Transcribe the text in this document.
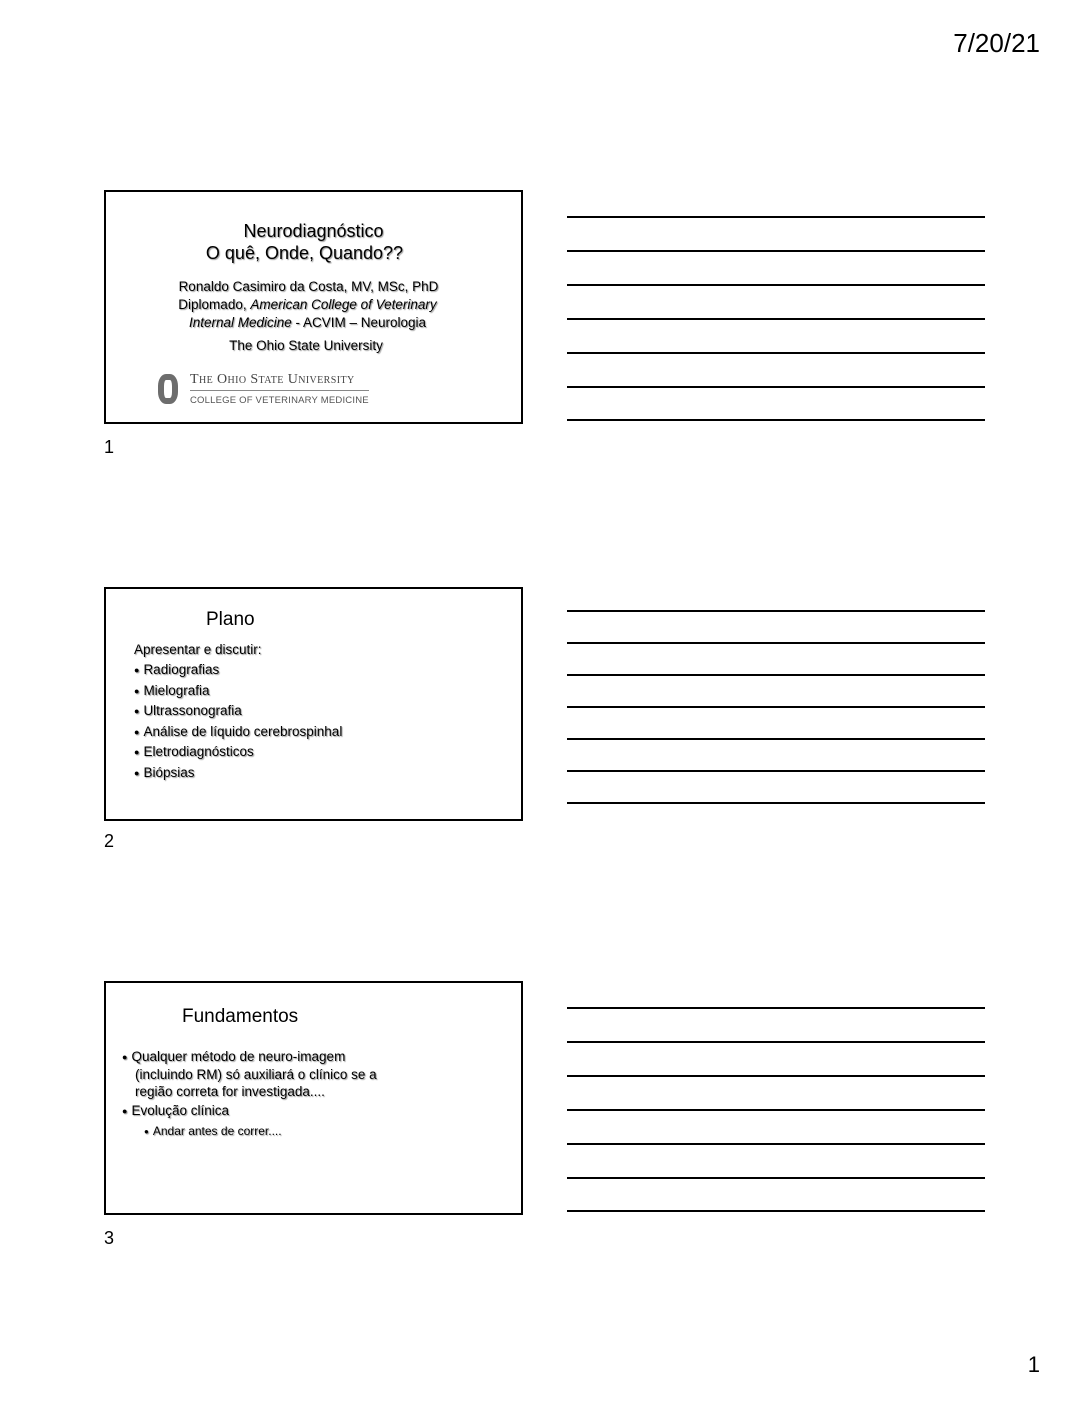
7/20/21
Neurodiagnóstico
O quê, Onde, Quando??
Ronaldo Casimiro da Costa, MV, MSc, PhD
Diplomado, American College of Veterinary
Internal Medicine - ACVIM – Neurologia
The Ohio State University
The Ohio State University
COLLEGE OF VETERINARY MEDICINE
1
Plano
Apresentar e discutir:
● Radiografias
● Mielografia
● Ultrassonografia
● Análise de líquido cerebrospinhal
● Eletrodiagnósticos
● Biópsias
2
Fundamentos
● Qualquer método de neuro-imagem
(incluindo RM) só auxiliará o clínico se a
região correta for investigada....
● Evolução clínica
● Andar antes de correr....
3
1
